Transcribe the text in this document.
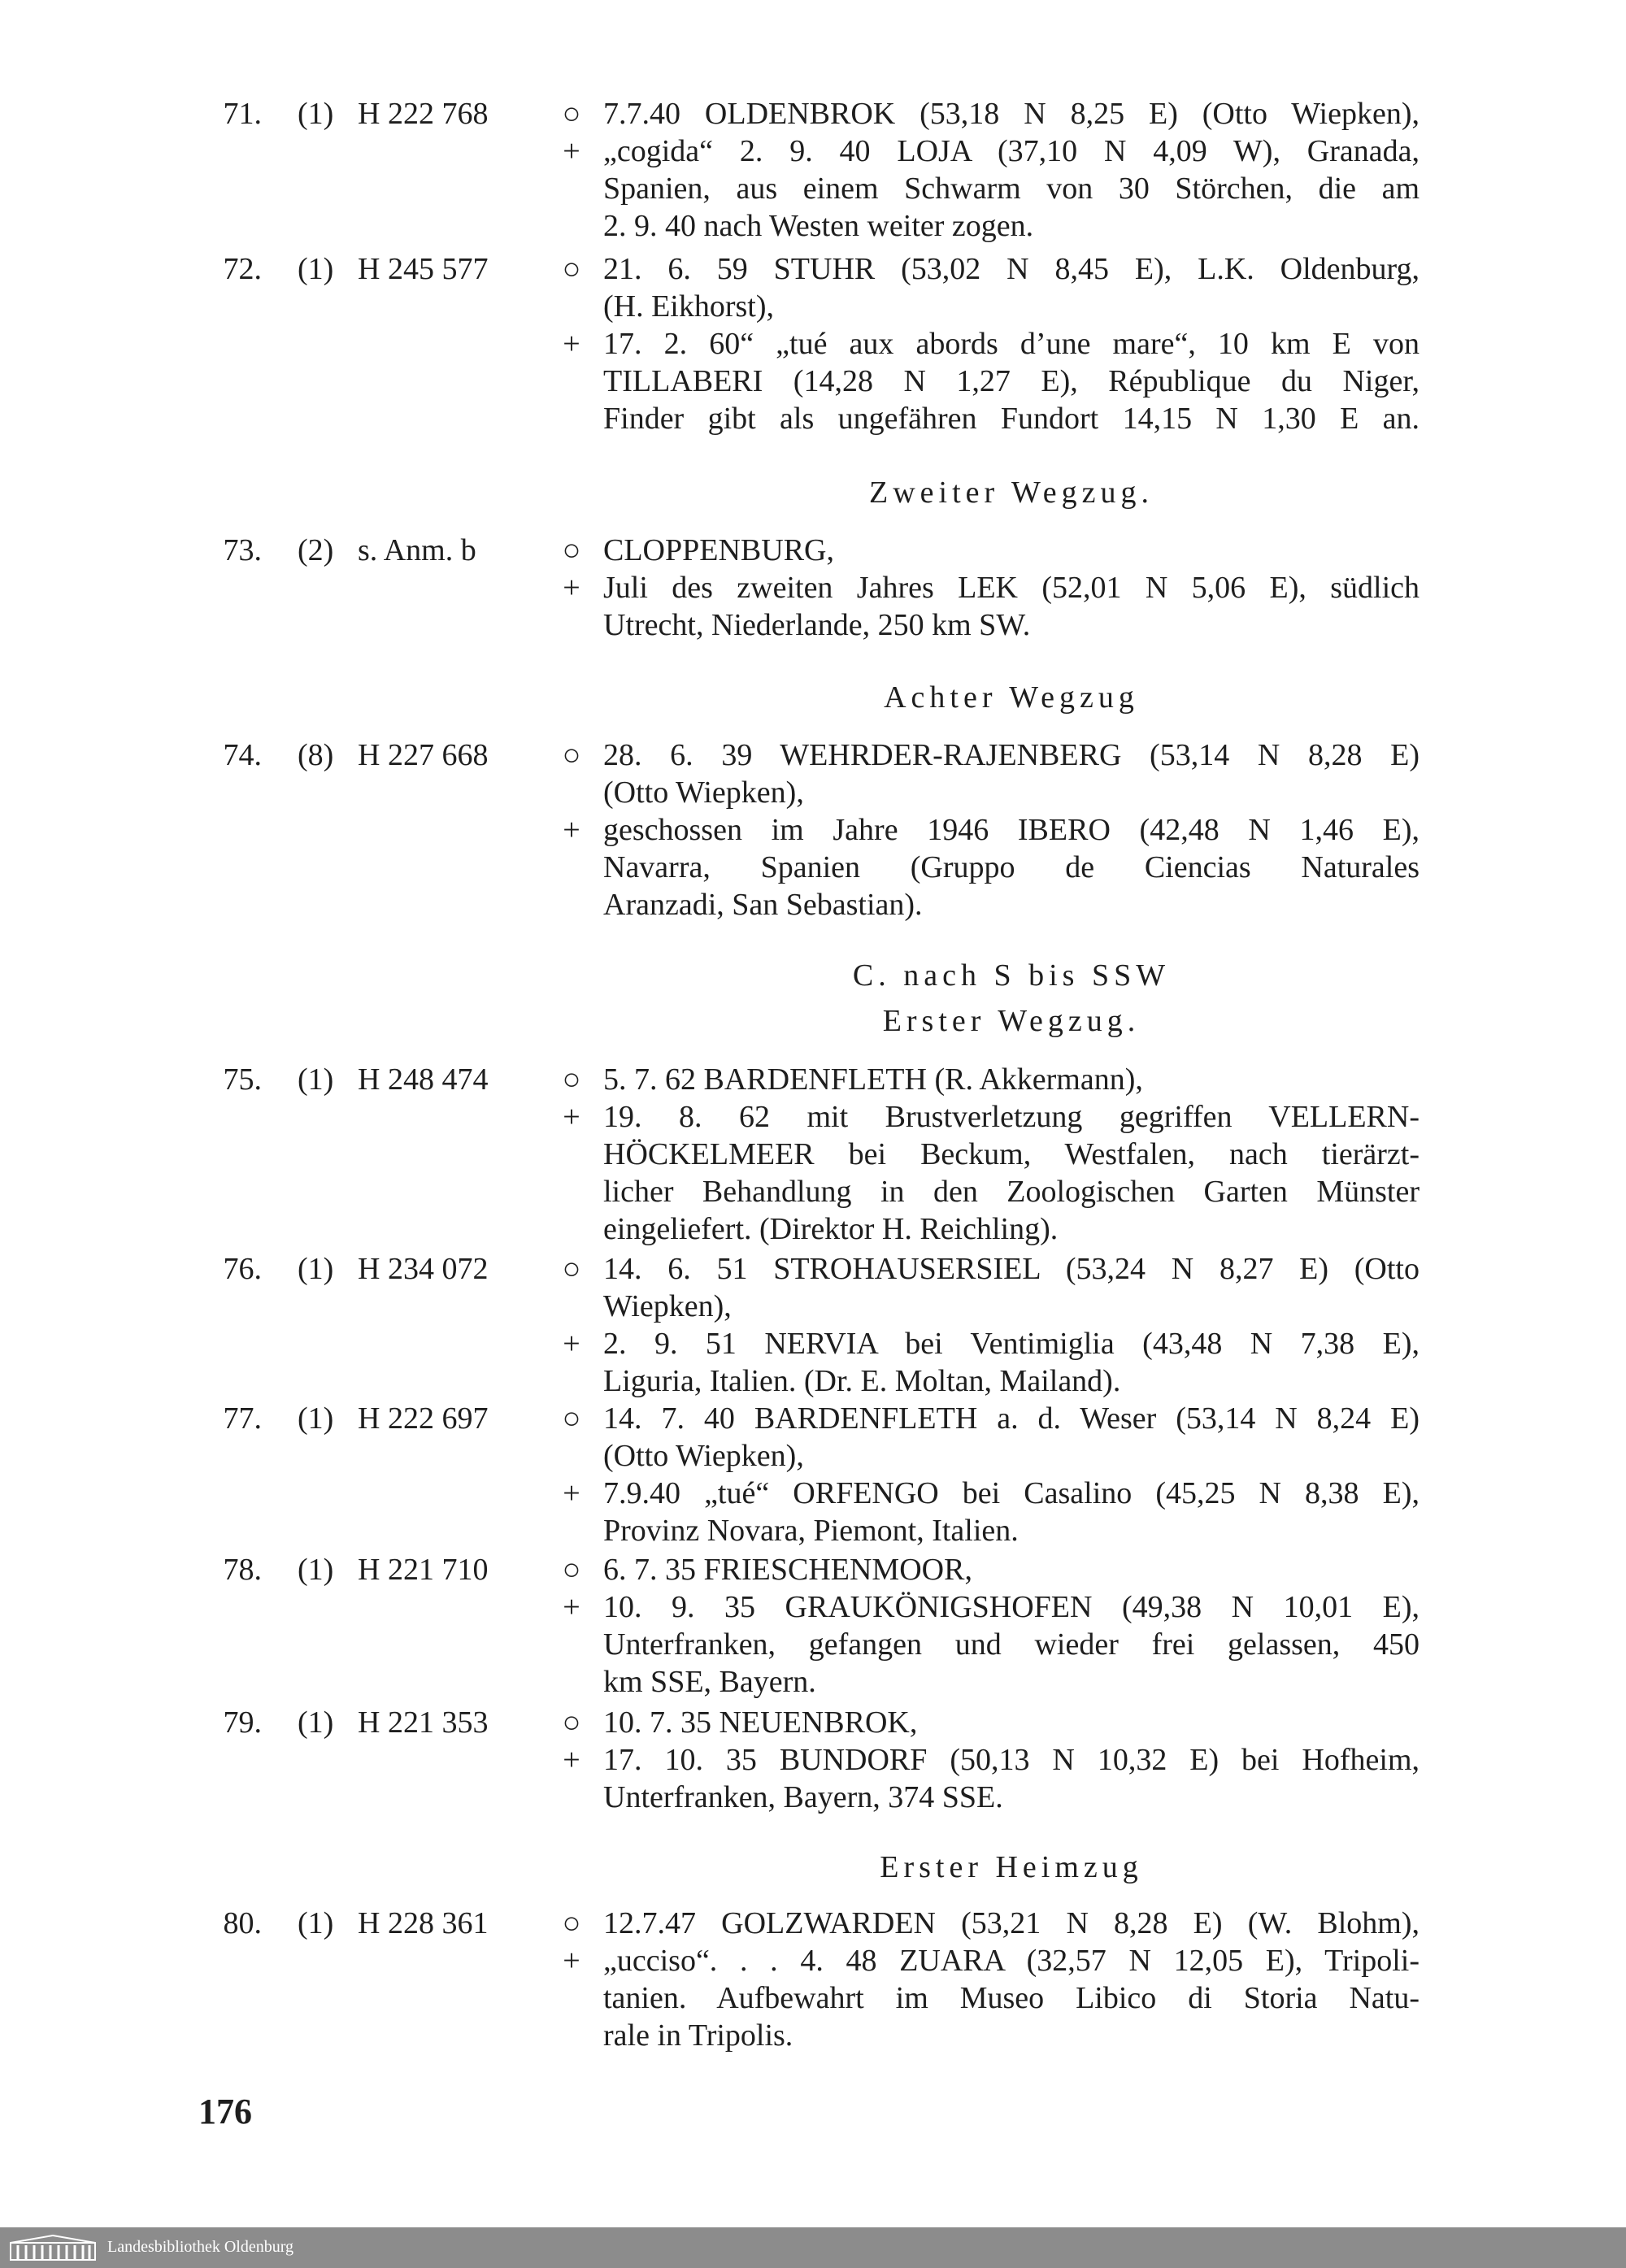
71. (1) H 222 768	○ 7.7.40 OLDENBROK (53,18 N 8,25 E) (Otto Wiepken),
+ „cogida“ 2. 9. 40 LOJA (37,10 N 4,09 W), Granada,
Spanien, aus einem Schwarm von 30 Störchen, die am
2. 9. 40 nach Westen weiter zogen.
72. (1) H 245 577	○ 21. 6. 59 STUHR (53,02 N 8,45 E), L.K. Oldenburg,
(H. Eikhorst),
+ 17. 2. 60“ „tué aux abords d’une mare“, 10 km E von
TILLABERI (14,28 N 1,27 E), République du Niger,
Finder gibt als ungefähren Fundort 14,15 N 1,30 E an.
Zweiter Wegzug.
73. (2) s. Anm. b	○ CLOPPENBURG,
+ Juli des zweiten Jahres LEK (52,01 N 5,06 E), südlich
Utrecht, Niederlande, 250 km SW.
Achter Wegzug
74. (8) H 227 668	○ 28. 6. 39 WEHRDER-RAJENBERG (53,14 N 8,28 E)
(Otto Wiepken),
+ geschossen im Jahre 1946 IBERO (42,48 N 1,46 E),
Navarra, Spanien (Gruppo de Ciencias Naturales
Aranzadi, San Sebastian).
C. nach S bis SSW
Erster Wegzug.
75. (1) H 248 474	○ 5. 7. 62 BARDENFLETH (R. Akkermann),
+ 19. 8. 62 mit Brustverletzung gegriffen VELLERN-
HÖCKELMEER bei Beckum, Westfalen, nach tierärzt-
licher Behandlung in den Zoologischen Garten Münster
eingeliefert. (Direktor H. Reichling).
76. (1) H 234 072	○ 14. 6. 51 STROHAUSERSIEL (53,24 N 8,27 E) (Otto
Wiepken),
+ 2. 9. 51 NERVIA bei Ventimiglia (43,48 N 7,38 E),
Liguria, Italien. (Dr. E. Moltan, Mailand).
77. (1) H 222 697	○ 14. 7. 40 BARDENFLETH a. d. Weser (53,14 N 8,24 E)
(Otto Wiepken),
+ 7.9.40 „tué“ ORFENGO bei Casalino (45,25 N 8,38 E),
Provinz Novara, Piemont, Italien.
78. (1) H 221 710	○ 6. 7. 35 FRIESCHENMOOR,
+ 10. 9. 35 GRAUKÖNIGSHOFEN (49,38 N 10,01 E),
Unterfranken, gefangen und wieder frei gelassen, 450
km SSE, Bayern.
79. (1) H 221 353	○ 10. 7. 35 NEUENBROK,
+ 17. 10. 35 BUNDORF (50,13 N 10,32 E) bei Hofheim,
Unterfranken, Bayern, 374 SSE.
Erster Heimzug
80. (1) H 228 361	○ 12.7.47 GOLZWARDEN (53,21 N 8,28 E) (W. Blohm),
+ „ucciso“. . . 4. 48 ZUARA (32,57 N 12,05 E), Tripoli-
tanien. Aufbewahrt im Museo Libico di Storia Natu-
rale in Tripolis.
176
Landesbibliothek Oldenburg
